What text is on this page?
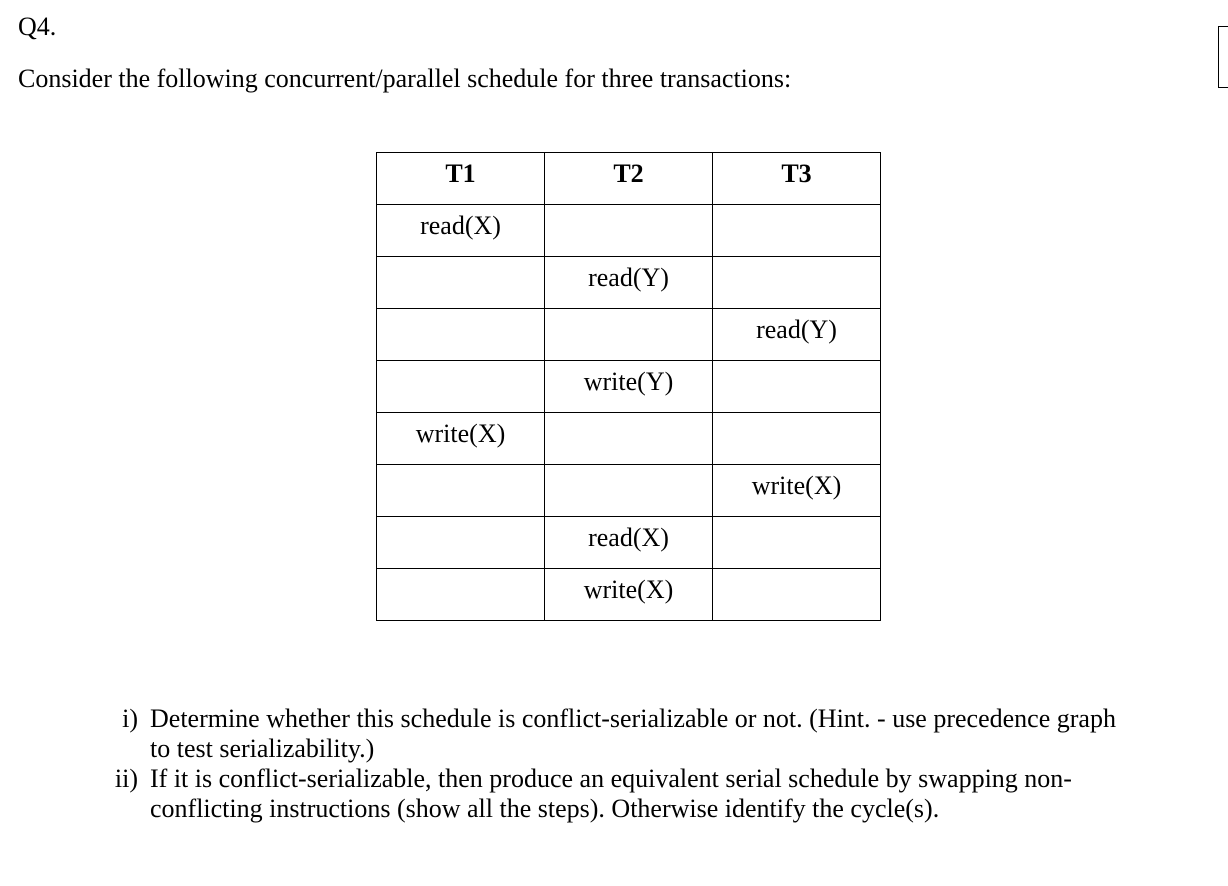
Q4.
Consider the following concurrent/parallel schedule for three transactions:
T1	T2	T3
read(X)		
	read(Y)	
		read(Y)
	write(Y)	
write(X)		
		write(X)
	read(X)	
	write(X)	
i) Determine whether this schedule is conflict-serializable or not. (Hint. - use precedence graph
to test serializability.)
ii) If it is conflict-serializable, then produce an equivalent serial schedule by swapping non-
conflicting instructions (show all the steps). Otherwise identify the cycle(s).
